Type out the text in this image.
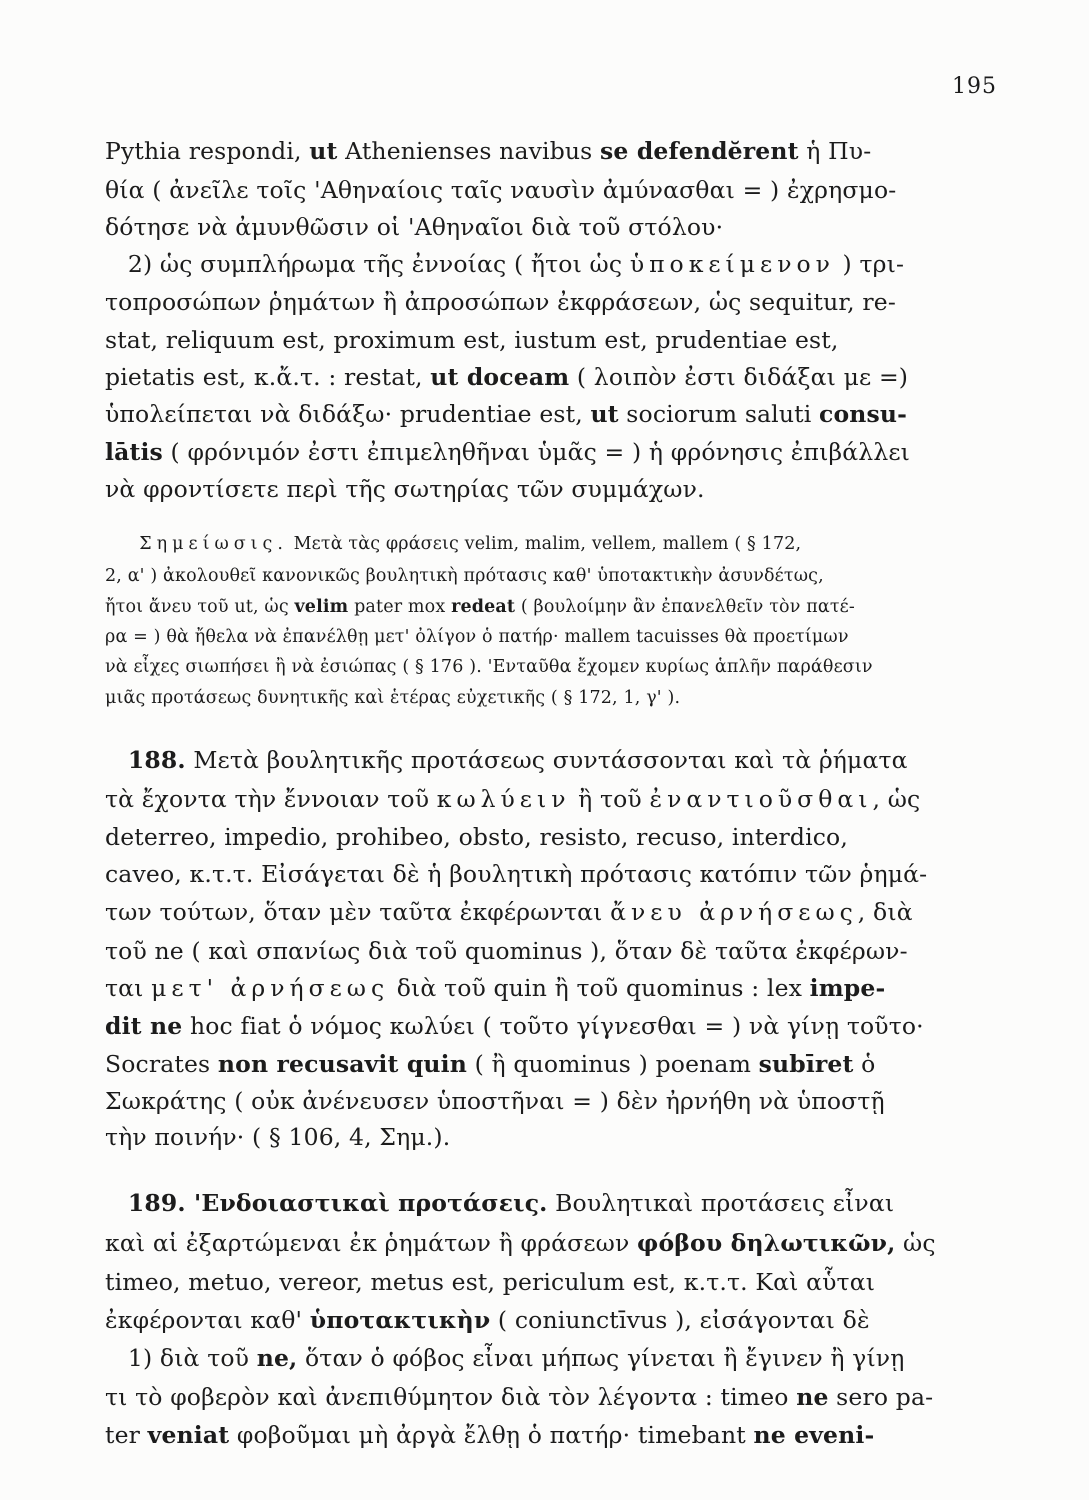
195
Pythia respondi, ut Athenienses navibus se defendĕrent ἡ Πυ-
θία ( ἀνεῖλε τοῖς 'Αθηναίοις ταῖς ναυσὶν ἀμύνασθαι = ) ἐχρησμο-
δότησε νὰ ἀμυνθῶσιν οἱ 'Αθηναῖοι διὰ τοῦ στόλου·
2) ὡς συμπλήρωμα τῆς ἐννοίας ( ἤτοι ὡς ὑποκείμενον ) τρι-
τοπροσώπων ῥημάτων ἢ ἀπροσώπων ἐκφράσεων, ὡς sequitur, re-
stat, reliquum est, proximum est, iustum est, prudentiae est,
pietatis est, κ.ἄ.τ. : restat, ut doceam ( λοιπὸν ἐστι διδάξαι με =)
ὑπολείπεται νὰ διδάξω· prudentiae est, ut sociorum saluti consu-
lātis ( φρόνιμόν ἐστι ἐπιμεληθῆναι ὑμᾶς = ) ἡ φρόνησις ἐπιβάλλει
νὰ φροντίσετε περὶ τῆς σωτηρίας τῶν συμμάχων.
Σημείωσις. Μετὰ τὰς φράσεις velim, malim, vellem, mallem ( § 172,
2, α' ) ἀκολουθεῖ κανονικῶς βουλητικὴ πρότασις καθ' ὑποτακτικὴν ἀσυνδέτως,
ἤτοι ἄνευ τοῦ ut, ὡς velim pater mox redeat ( βουλοίμην ἂν ἐπανελθεῖν τὸν πατέ-
ρα = ) θὰ ἤθελα νὰ ἐπανέλθῃ μετ' ὀλίγον ὁ πατήρ· mallem tacuisses θὰ προετίμων
νὰ εἶχες σιωπήσει ἢ νὰ ἐσιώπας ( § 176 ). 'Ενταῦθα ἔχομεν κυρίως ἁπλῆν παράθεσιν
μιᾶς προτάσεως δυνητικῆς καὶ ἑτέρας εὐχετικῆς ( § 172, 1, γ' ).
188. Μετὰ βουλητικῆς προτάσεως συντάσσονται καὶ τὰ ῥήματα
τὰ ἔχοντα τὴν ἔννοιαν τοῦ κωλύειν ἢ τοῦ ἐναντιοῦσθαι, ὡς
deterreo, impedio, prohibeo, obsto, resisto, recuso, interdico,
caveo, κ.τ.τ. Εἰσάγεται δὲ ἡ βουλητικὴ πρότασις κατόπιν τῶν ῥημά-
των τούτων, ὅταν μὲν ταῦτα ἐκφέρωνται ἄνευ ἀρνήσεως, διὰ
τοῦ ne ( καὶ σπανίως διὰ τοῦ quominus ), ὅταν δὲ ταῦτα ἐκφέρων-
ται μετ' ἀρνήσεως διὰ τοῦ quin ἢ τοῦ quominus : lex impe-
dit ne hoc fiat ὁ νόμος κωλύει ( τοῦτο γίγνεσθαι = ) νὰ γίνῃ τοῦτο·
Socrates non recusavit quin ( ἢ quominus ) poenam subīret ὁ
Σωκράτης ( οὐκ ἀνένευσεν ὑποστῆναι = ) δὲν ἠρνήθη νὰ ὑποστῇ
τὴν ποινήν· ( § 106, 4, Σημ.).
189. 'Ενδοιαστικαὶ προτάσεις. Βουλητικαὶ προτάσεις εἶναι
καὶ αἱ ἐξαρτώμεναι ἐκ ῥημάτων ἢ φράσεων φόβου δηλωτικῶν, ὡς
timeo, metuo, vereor, metus est, periculum est, κ.τ.τ. Καὶ αὗται
ἐκφέρονται καθ' ὑποτακτικὴν ( coniunctīvus ), εἰσάγονται δὲ
1) διὰ τοῦ ne, ὅταν ὁ φόβος εἶναι μήπως γίνεται ἢ ἔγινεν ἢ γίνῃ
τι τὸ φοβερὸν καὶ ἀνεπιθύμητον διὰ τὸν λέγοντα : timeo ne sero pa-
ter veniat φοβοῦμαι μὴ ἀργὰ ἔλθῃ ὁ πατήρ· timebant ne eveni-
